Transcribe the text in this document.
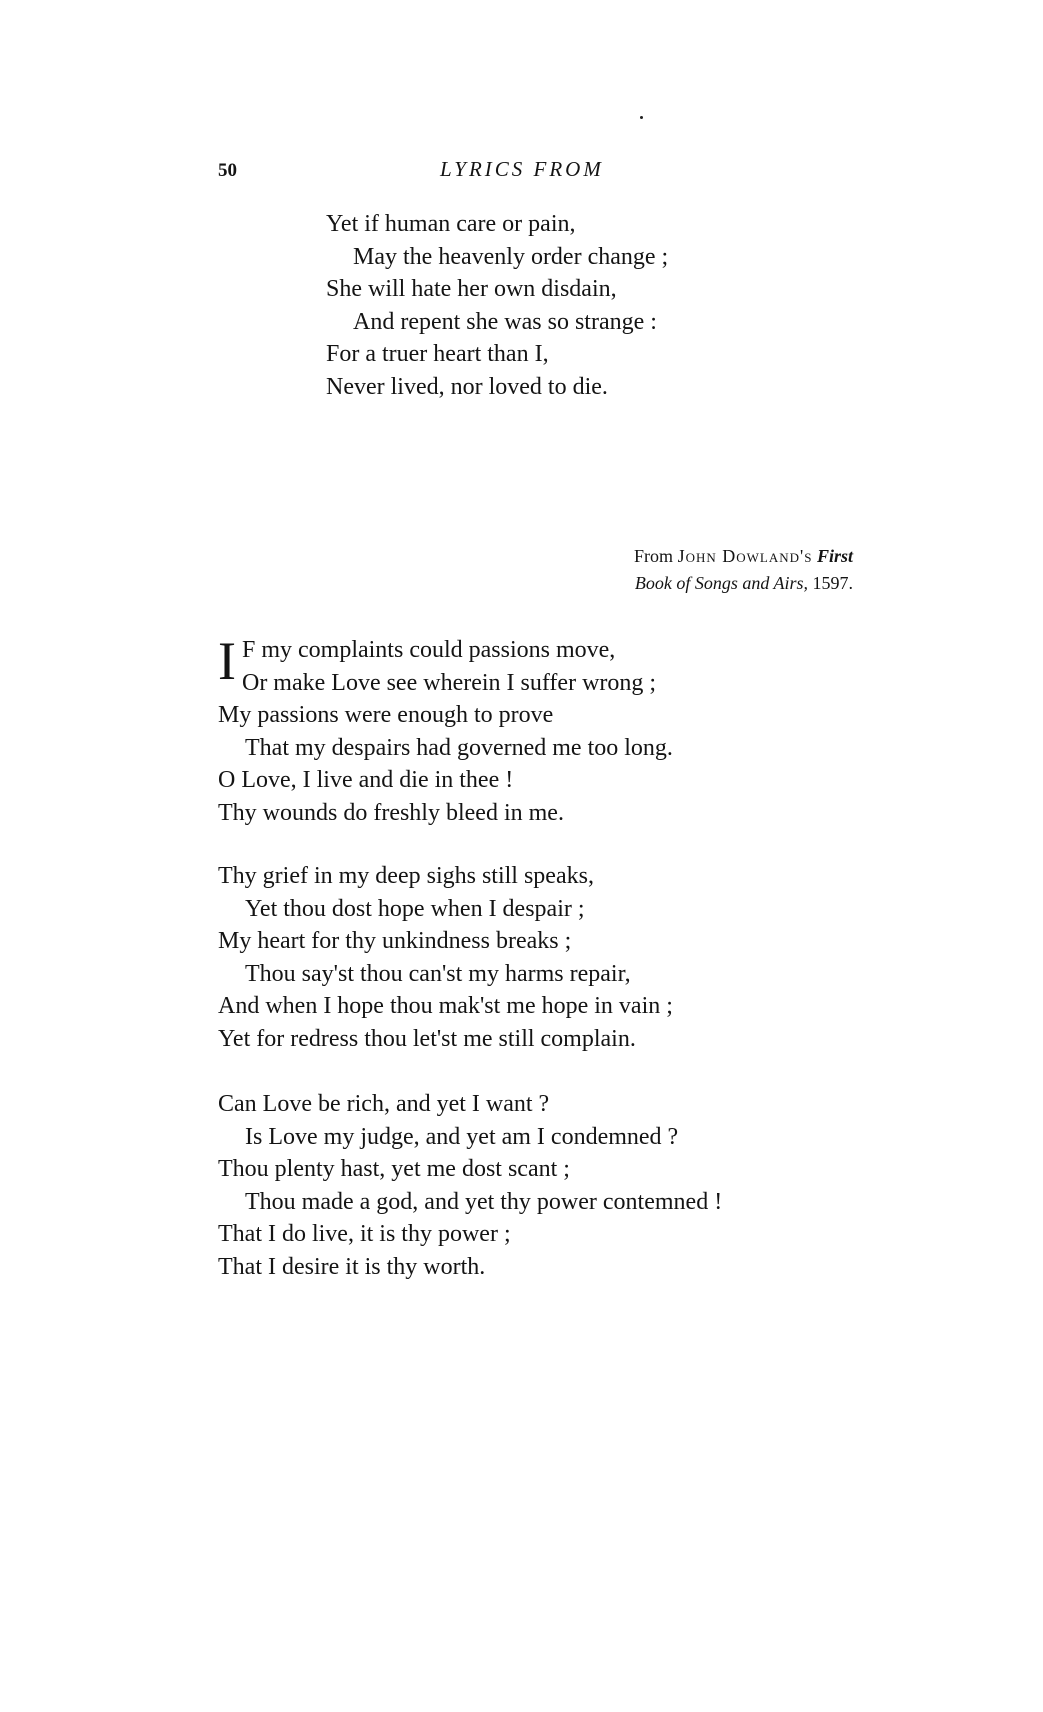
50	LYRICS FROM
Yet if human care or pain,
May the heavenly order change ;
She will hate her own disdain,
And repent she was so strange :
For a truer heart than I,
Never lived, nor loved to die.
From John Dowland's First
Book of Songs and Airs, 1597.
I F my complaints could passions move,
Or make Love see wherein I suffer wrong ;
My passions were enough to prove
That my despairs had governed me too long.
O Love, I live and die in thee !
Thy wounds do freshly bleed in me.
Thy grief in my deep sighs still speaks,
Yet thou dost hope when I despair ;
My heart for thy unkindness breaks ;
Thou say'st thou can'st my harms repair,
And when I hope thou mak'st me hope in vain ;
Yet for redress thou let'st me still complain.
Can Love be rich, and yet I want ?
Is Love my judge, and yet am I condemned ?
Thou plenty hast, yet me dost scant ;
Thou made a god, and yet thy power contemned !
That I do live, it is thy power ;
That I desire it is thy worth.
